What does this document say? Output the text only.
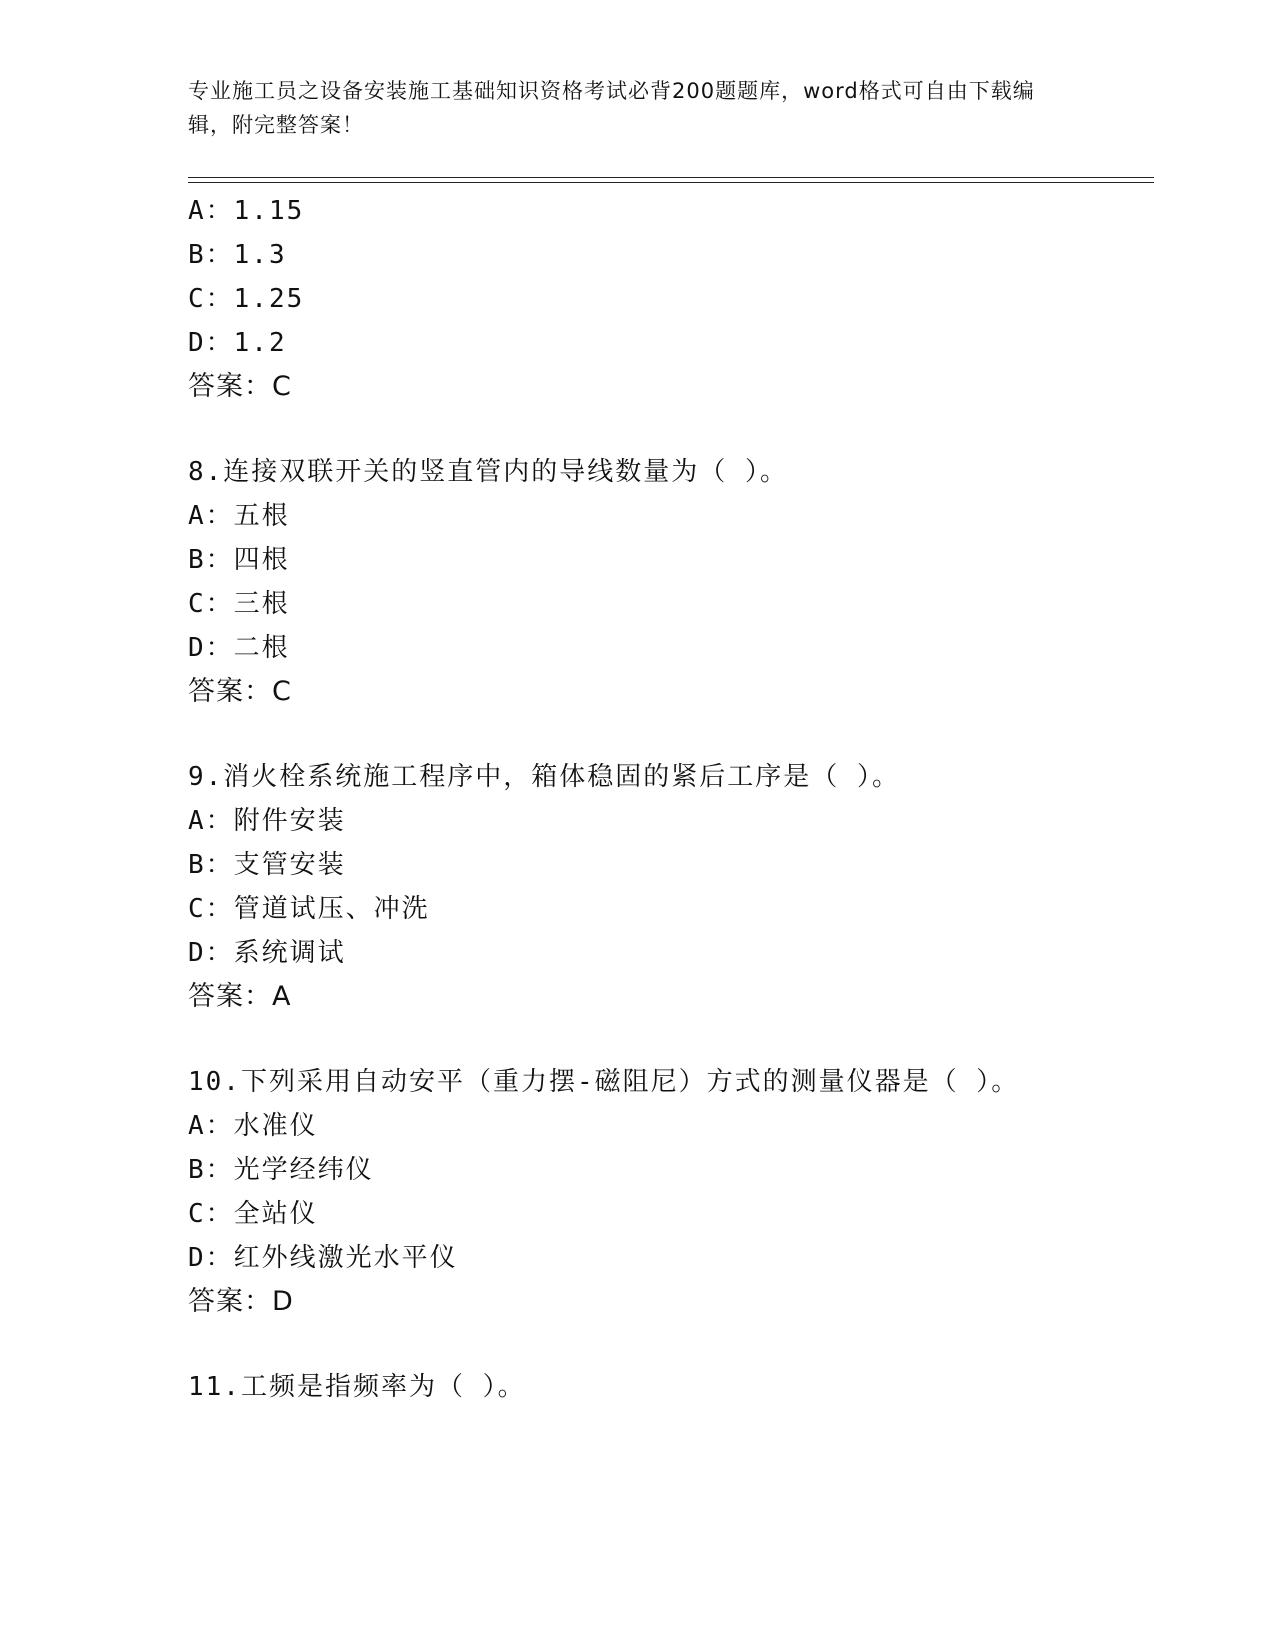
专业施工员之设备安装施工基础知识资格考试必背200题题库，word格式可自由下载编辑，附完整答案！
A：1.15
B：1.3
C：1.25
D：1.2
答案：C
8.连接双联开关的竖直管内的导线数量为（ ）。
A：五根
B：四根
C：三根
D：二根
答案：C
9.消火栓系统施工程序中，箱体稳固的紧后工序是（ ）。
A：附件安装
B：支管安装
C：管道试压、冲洗
D：系统调试
答案：A
10.下列采用自动安平（重力摆-磁阻尼）方式的测量仪器是（ ）。
A：水准仪
B：光学经纬仪
C：全站仪
D：红外线激光水平仪
答案：D
11.工频是指频率为（ ）。
